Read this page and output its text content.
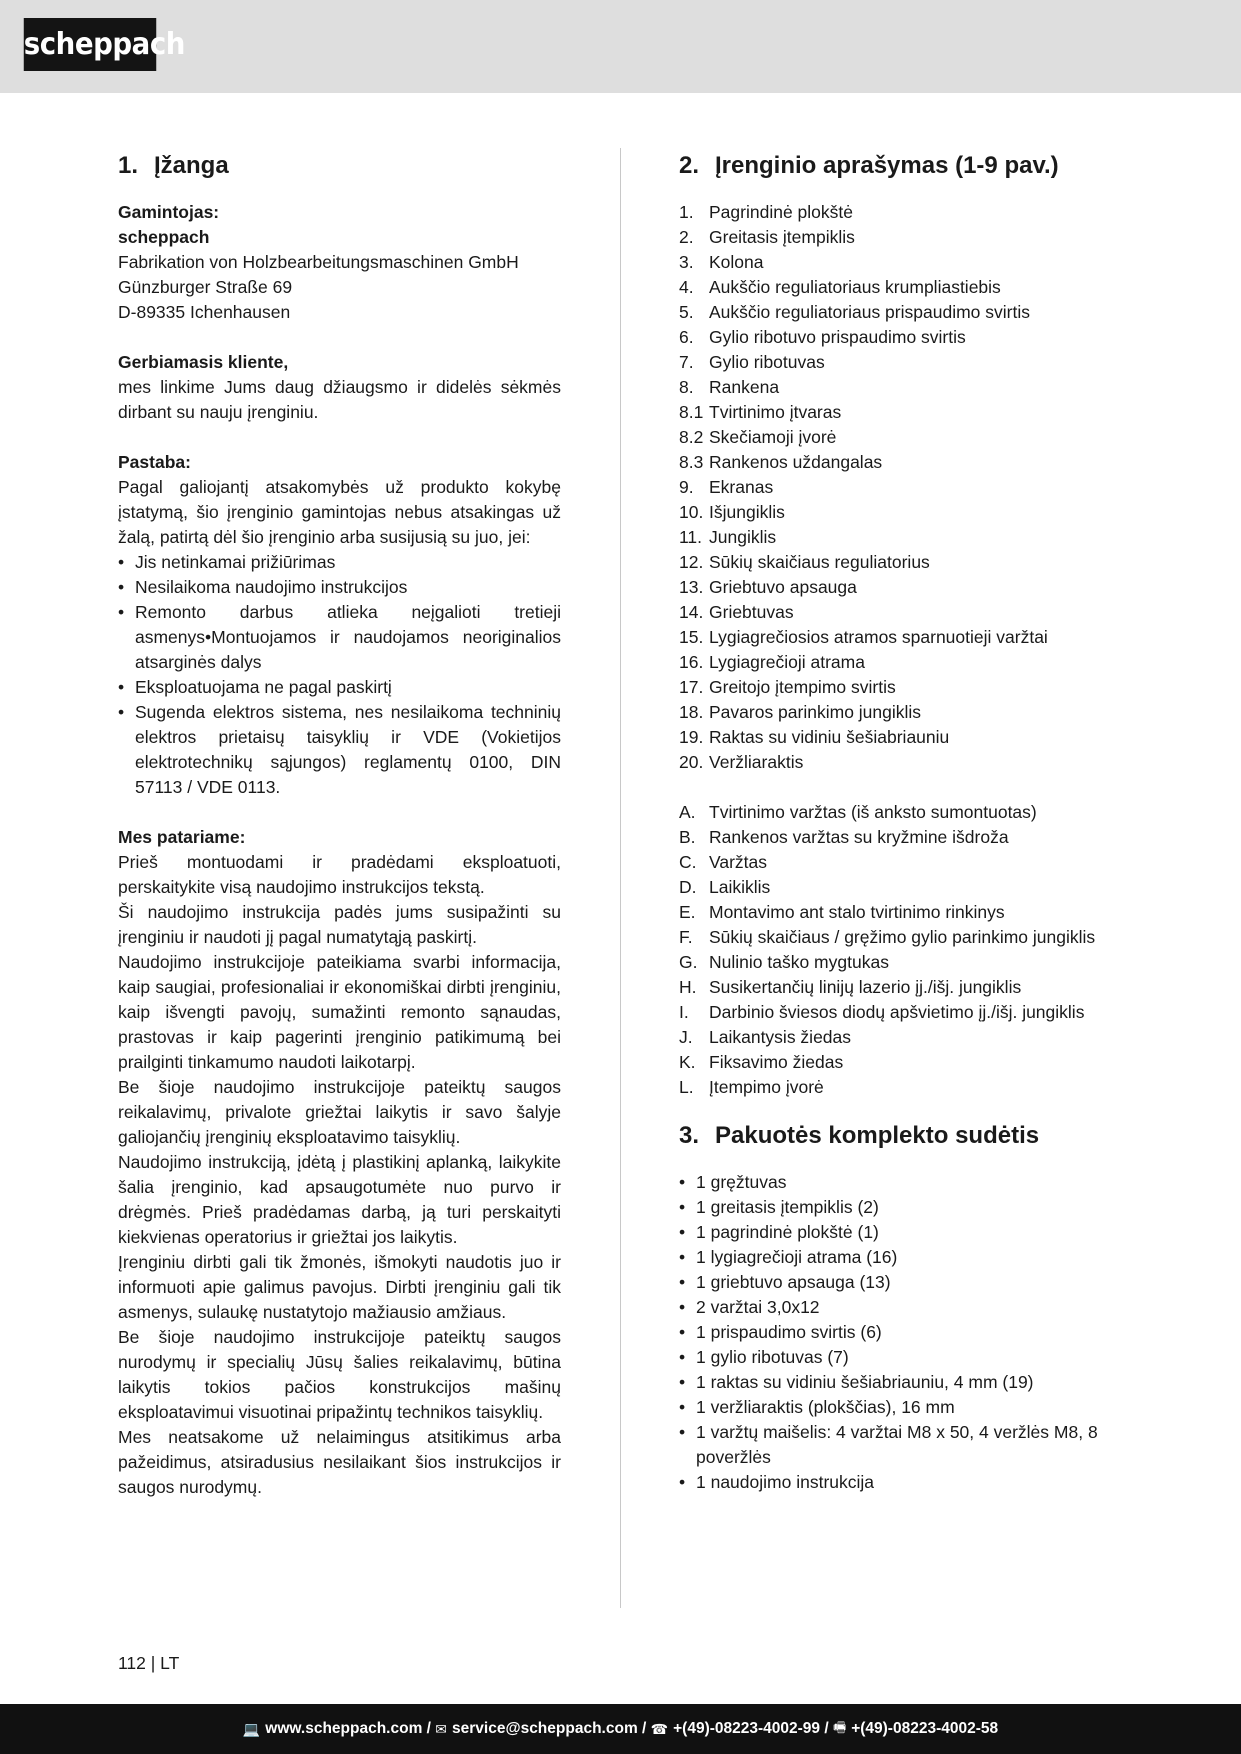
scheppach
1. Įžanga

Gamintojas:

scheppach

Fabrikation von Holzbearbeitungsmaschinen GmbH

Günzburger Straße 69

D-89335 Ichenhausen

Gerbiamasis kliente,

mes linkime Jums daug džiaugsmo ir didelės sėkmės dirbant su nauju įrenginiu.

Pastaba:

Pagal galiojantį atsakomybės už produkto kokybę įstatymą, šio įrenginio gamintojas nebus atsakingas už žalą, patirtą dėl šio įrenginio arba susijusią su juo, jei:

• Jis netinkamai prižiūrimas
• Nesilaikoma naudojimo instrukcijos
• Remonto darbus atlieka neįgalioti tretieji asmenys•Montuojamos ir naudojamos neoriginalios atsarginės dalys
• Eksploatuojama ne pagal paskirtį
• Sugenda elektros sistema, nes nesilaikoma techninių elektros prietaisų taisyklių ir VDE (Vokietijos elektrotechnikų sąjungos) reglamentų 0100, DIN 57113 / VDE 0113.

Mes patariame:

Prieš montuodami ir pradėdami eksploatuoti, perskaitykite visą naudojimo instrukcijos tekstą.

Ši naudojimo instrukcija padės jums susipažinti su įrenginiu ir naudoti jį pagal numatytąją paskirtį.

Naudojimo instrukcijoje pateikiama svarbi informacija, kaip saugiai, profesionaliai ir ekonomiškai dirbti įrenginiu, kaip išvengti pavojų, sumažinti remonto sąnaudas, prastovas ir kaip pagerinti įrenginio patikimumą bei prailginti tinkamumo naudoti laikotarpį.

Be šioje naudojimo instrukcijoje pateiktų saugos reikalavimų, privalote griežtai laikytis ir savo šalyje galiojančių įrenginių eksploatavimo taisyklių.

Naudojimo instrukciją, įdėtą į plastikinį aplanką, laikykite šalia įrenginio, kad apsaugotumėte nuo purvo ir drėgmės. Prieš pradėdamas darbą, ją turi perskaityti kiekvienas operatorius ir griežtai jos laikytis.

Įrenginiu dirbti gali tik žmonės, išmokyti naudotis juo ir informuoti apie galimus pavojus. Dirbti įrenginiu gali tik asmenys, sulaukę nustatytojo mažiausio amžiaus.

Be šioje naudojimo instrukcijoje pateiktų saugos nurodymų ir specialių Jūsų šalies reikalavimų, būtina laikytis tokios pačios konstrukcijos mašinų eksploatavimui visuotinai pripažintų technikos taisyklių.

Mes neatsakome už nelaimingus atsitikimus arba pažeidimus, atsiradusius nesilaikant šios instrukcijos ir saugos nurodymų.

2. Įrenginio aprašymas (1-9 pav.)
1. Pagrindinė plokštė
2. Greitasis įtempiklis
3. Kolona
4. Aukščio reguliatoriaus krumpliastiebis
5. Aukščio reguliatoriaus prispaudimo svirtis
6. Gylio ribotuvo prispaudimo svirtis
7. Gylio ribotuvas
8. Rankena
8.1 Tvirtinimo įtvaras
8.2 Skečiamoji įvorė
8.3 Rankenos uždangalas
9. Ekranas
10. Išjungiklis
11. Jungiklis
12. Sūkių skaičiaus reguliatorius
13. Griebtuvo apsauga
14. Griebtuvas
15. Lygiagrečiosios atramos sparnuotieji varžtai
16. Lygiagrečioji atrama
17. Greitojo įtempimo svirtis
18. Pavaros parinkimo jungiklis
19. Raktas su vidiniu šešiabriauniu
20. Veržliaraktis
A. Tvirtinimo varžtas (iš anksto sumontuotas)
B. Rankenos varžtas su kryžmine išdroža
C. Varžtas
D. Laikiklis
E. Montavimo ant stalo tvirtinimo rinkinys
F. Sūkių skaičiaus / gręžimo gylio parinkimo jungiklis
G. Nulinio taško mygtukas
H. Susikertančių linijų lazerio įj./išj. jungiklis
I.	Darbinio šviesos diodų apšvietimo įj./išj. jungiklis
J. Laikantysis žiedas
K. Fiksavimo žiedas
L. Įtempimo įvorė
3. Pakuotės komplekto sudėtis
• 1 gręžtuvas
• 1 greitasis įtempiklis (2)
• 1 pagrindinė plokštė (1)
• 1 lygiagrečioji atrama (16)
• 1 griebtuvo apsauga (13)
• 2 varžtai 3,0x12
• 1 prispaudimo svirtis (6)
• 1 gylio ribotuvas (7)
• 1 raktas su vidiniu šešiabriauniu, 4 mm (19)
• 1 veržliaraktis (plokščias), 16 mm
• 1 varžtų maišelis: 4 varžtai M8 x 50, 4 veržlės M8, 8 poveržlės
• 1 naudojimo instrukcija
112 | LT
💻 www.scheppach.com / ✉ service@scheppach.com / ☎ +(49)-08223-4002-99 / 🖷 +(49)-08223-4002-58
